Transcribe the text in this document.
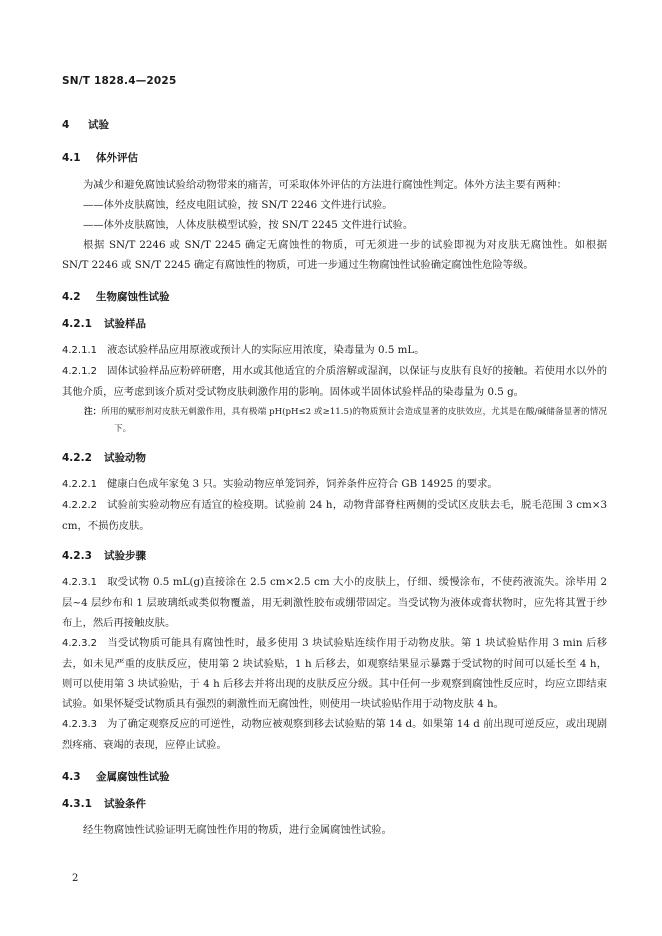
SN/T 1828.4—2025
4 试验
4.1 体外评估

为减少和避免腐蚀试验给动物带来的痛苦，可采取体外评估的方法进行腐蚀性判定。体外方法主要有两种：

——体外皮肤腐蚀，经皮电阻试验，按 SN/T 2246 文件进行试验。

——体外皮肤腐蚀，人体皮肤模型试验，按 SN/T 2245 文件进行试验。

根据 SN/T 2246 或 SN/T 2245 确定无腐蚀性的物质，可无须进一步的试验即视为对皮肤无腐蚀性。如根据 SN/T 2246 或 SN/T 2245 确定有腐蚀性的物质，可进一步通过生物腐蚀性试验确定腐蚀性危险等级。

4.2 生物腐蚀性试验
4.2.1 试验样品

4.2.1.1 液态试验样品应用原液或预计人的实际应用浓度，染毒量为 0.5 mL。

4.2.1.2 固体试验样品应粉碎研磨，用水或其他适宜的介质溶解或湿润，以保证与皮肤有良好的接触。若使用水以外的其他介质，应考虑到该介质对受试物皮肤刺激作用的影响。固体或半固体试验样品的染毒量为 0.5 g。

注：所用的赋形剂对皮肤无刺激作用，具有极端 pH(pH≤2 或≥11.5)的物质预计会造成显著的皮肤效应，尤其是在酸/碱储备显著的情况下。

4.2.2 试验动物

4.2.2.1 健康白色成年家兔 3 只。实验动物应单笼饲养，饲养条件应符合 GB 14925 的要求。

4.2.2.2 试验前实验动物应有适宜的检疫期。试验前 24 h，动物背部脊柱两侧的受试区皮肤去毛，脱毛范围 3 cm×3 cm，不损伤皮肤。

4.2.3 试验步骤

4.2.3.1 取受试物 0.5 mL(g)直接涂在 2.5 cm×2.5 cm 大小的皮肤上，仔细、缓慢涂布，不使药液流失。涂毕用 2 层~4 层纱布和 1 层玻璃纸或类似物覆盖，用无刺激性胶布或绷带固定。当受试物为液体或膏状物时，应先将其置于纱布上，然后再接触皮肤。

4.2.3.2 当受试物质可能具有腐蚀性时，最多使用 3 块试验贴连续作用于动物皮肤。第 1 块试验贴作用 3 min 后移去，如未见严重的皮肤反应，使用第 2 块试验贴，1 h 后移去，如观察结果显示暴露于受试物的时间可以延长至 4 h，则可以使用第 3 块试验贴，于 4 h 后移去并将出现的皮肤反应分级。其中任何一步观察到腐蚀性反应时，均应立即结束试验。如果怀疑受试物质具有强烈的刺激性而无腐蚀性，则使用一块试验贴作用于动物皮肤 4 h。

4.2.3.3 为了确定观察反应的可逆性，动物应被观察到移去试验贴的第 14 d。如果第 14 d 前出现可逆反应，或出现剧烈疼痛、衰竭的表现，应停止试验。

4.3 金属腐蚀性试验
4.3.1 试验条件

经生物腐蚀性试验证明无腐蚀性作用的物质，进行金属腐蚀性试验。

2
